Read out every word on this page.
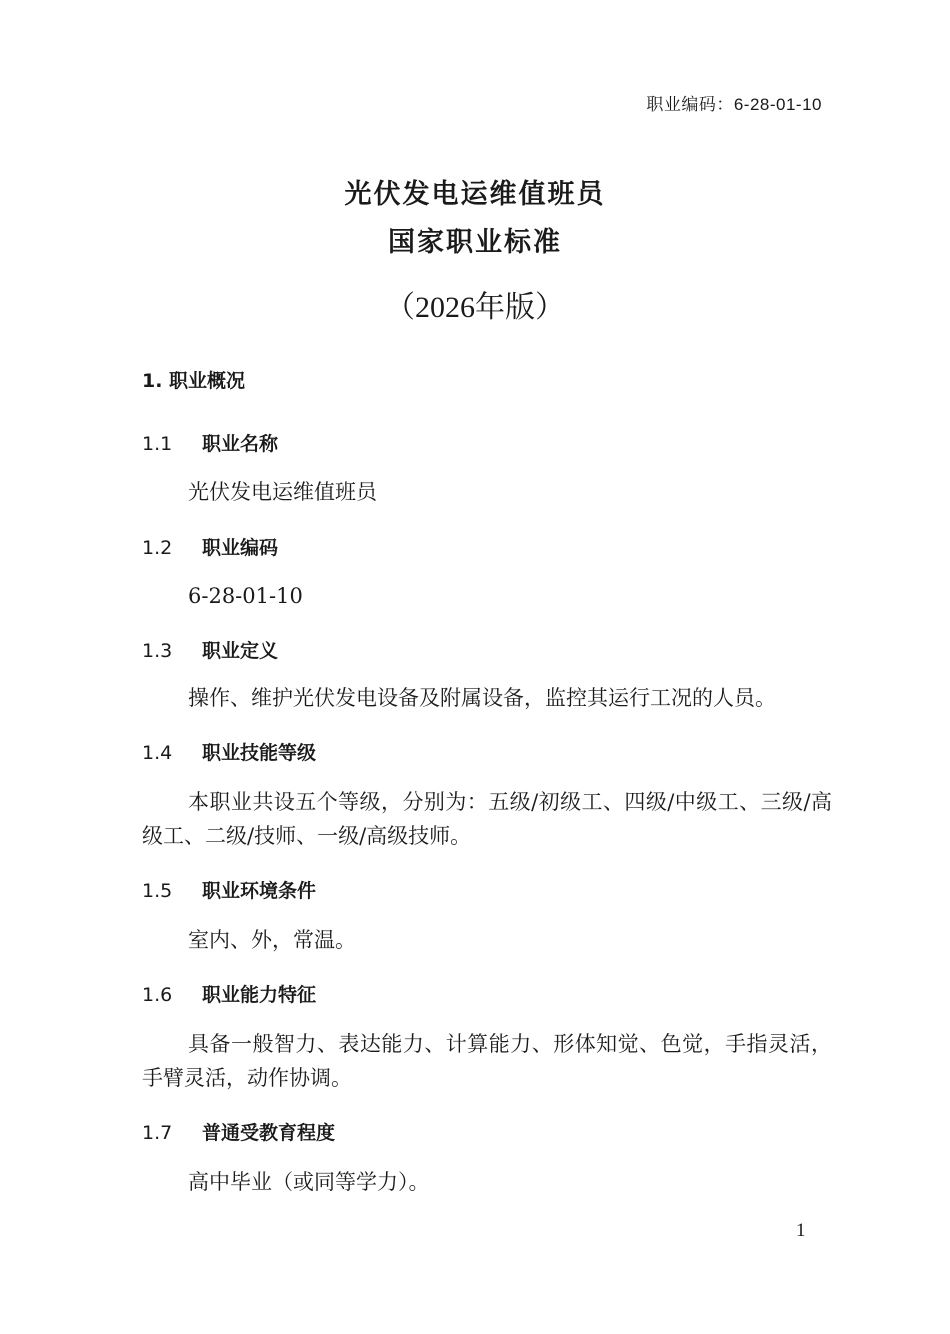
职业编码：6-28-01-10
光伏发电运维值班员
国家职业标准
（2026年版）
1. 职业概况
1.1 职业名称
光伏发电运维值班员
1.2 职业编码
6-28-01-10
1.3 职业定义
操作、维护光伏发电设备及附属设备，监控其运行工况的人员。
1.4 职业技能等级
本职业共设五个等级，分别为：五级/初级工、四级/中级工、三级/高级工、二级/技师、一级/高级技师。
1.5 职业环境条件
室内、外，常温。
1.6 职业能力特征
具备一般智力、表达能力、计算能力、形体知觉、色觉，手指灵活，手臂灵活，动作协调。
1.7 普通受教育程度
高中毕业（或同等学力）。
1
